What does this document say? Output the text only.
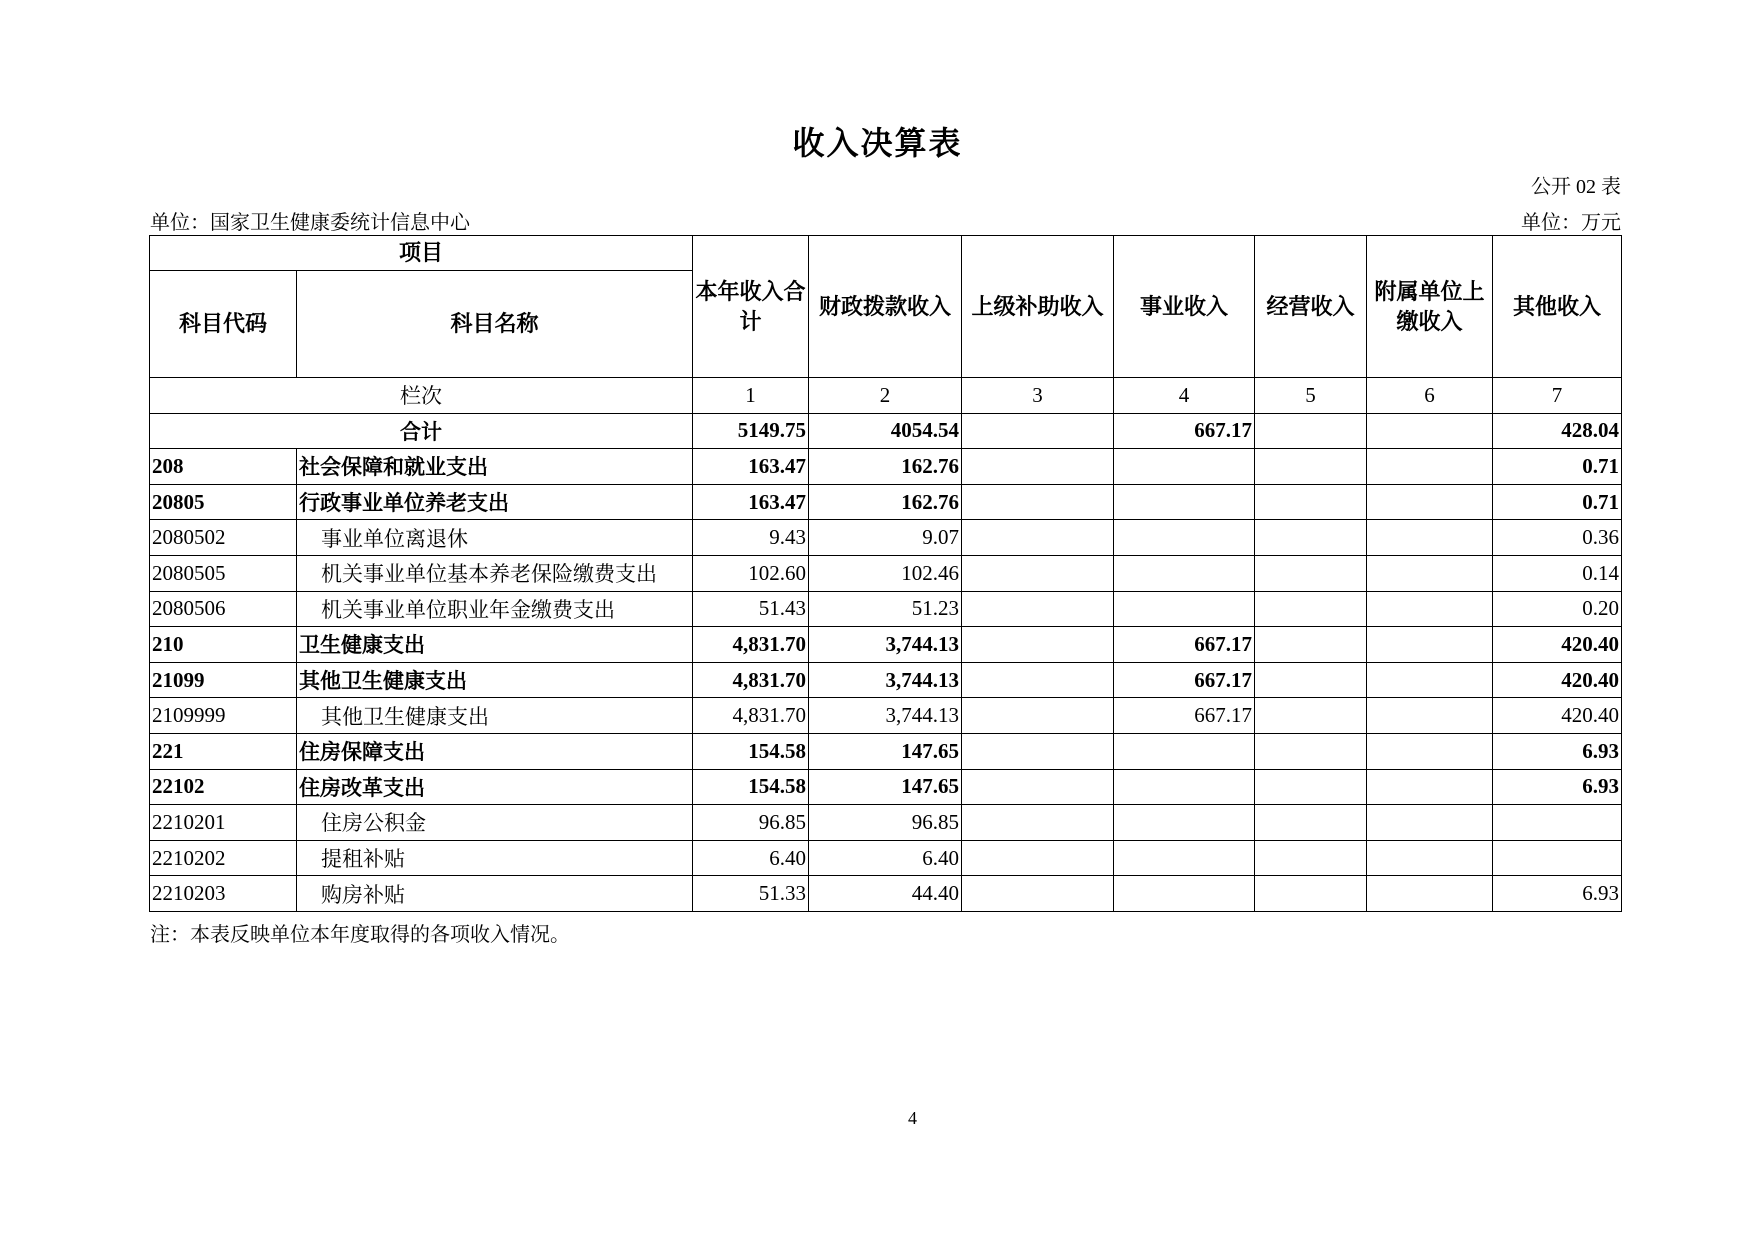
收入决算表
公开 02 表
单位：国家卫生健康委统计信息中心	单位：万元
项目		本年收入合计	财政拨款收入	上级补助收入	事业收入	经营收入	附属单位上缴收入	其他收入
科目代码	科目名称							
栏次		1	2	3	4	5	6	7
合计		5149.75	4054.54		667.17			428.04
208	社会保障和就业支出	163.47	162.76					0.71
20805	行政事业单位养老支出	163.47	162.76					0.71
2080502	事业单位离退休	9.43	9.07					0.36
2080505	机关事业单位基本养老保险缴费支出	102.60	102.46					0.14
2080506	机关事业单位职业年金缴费支出	51.43	51.23					0.20
210	卫生健康支出	4,831.70	3,744.13		667.17			420.40
21099	其他卫生健康支出	4,831.70	3,744.13		667.17			420.40
2109999	其他卫生健康支出	4,831.70	3,744.13		667.17			420.40
221	住房保障支出	154.58	147.65					6.93
22102	住房改革支出	154.58	147.65					6.93
2210201	住房公积金	96.85	96.85					
2210202	提租补贴	6.40	6.40					
2210203	购房补贴	51.33	44.40					6.93
注：本表反映单位本年度取得的各项收入情况。
4
